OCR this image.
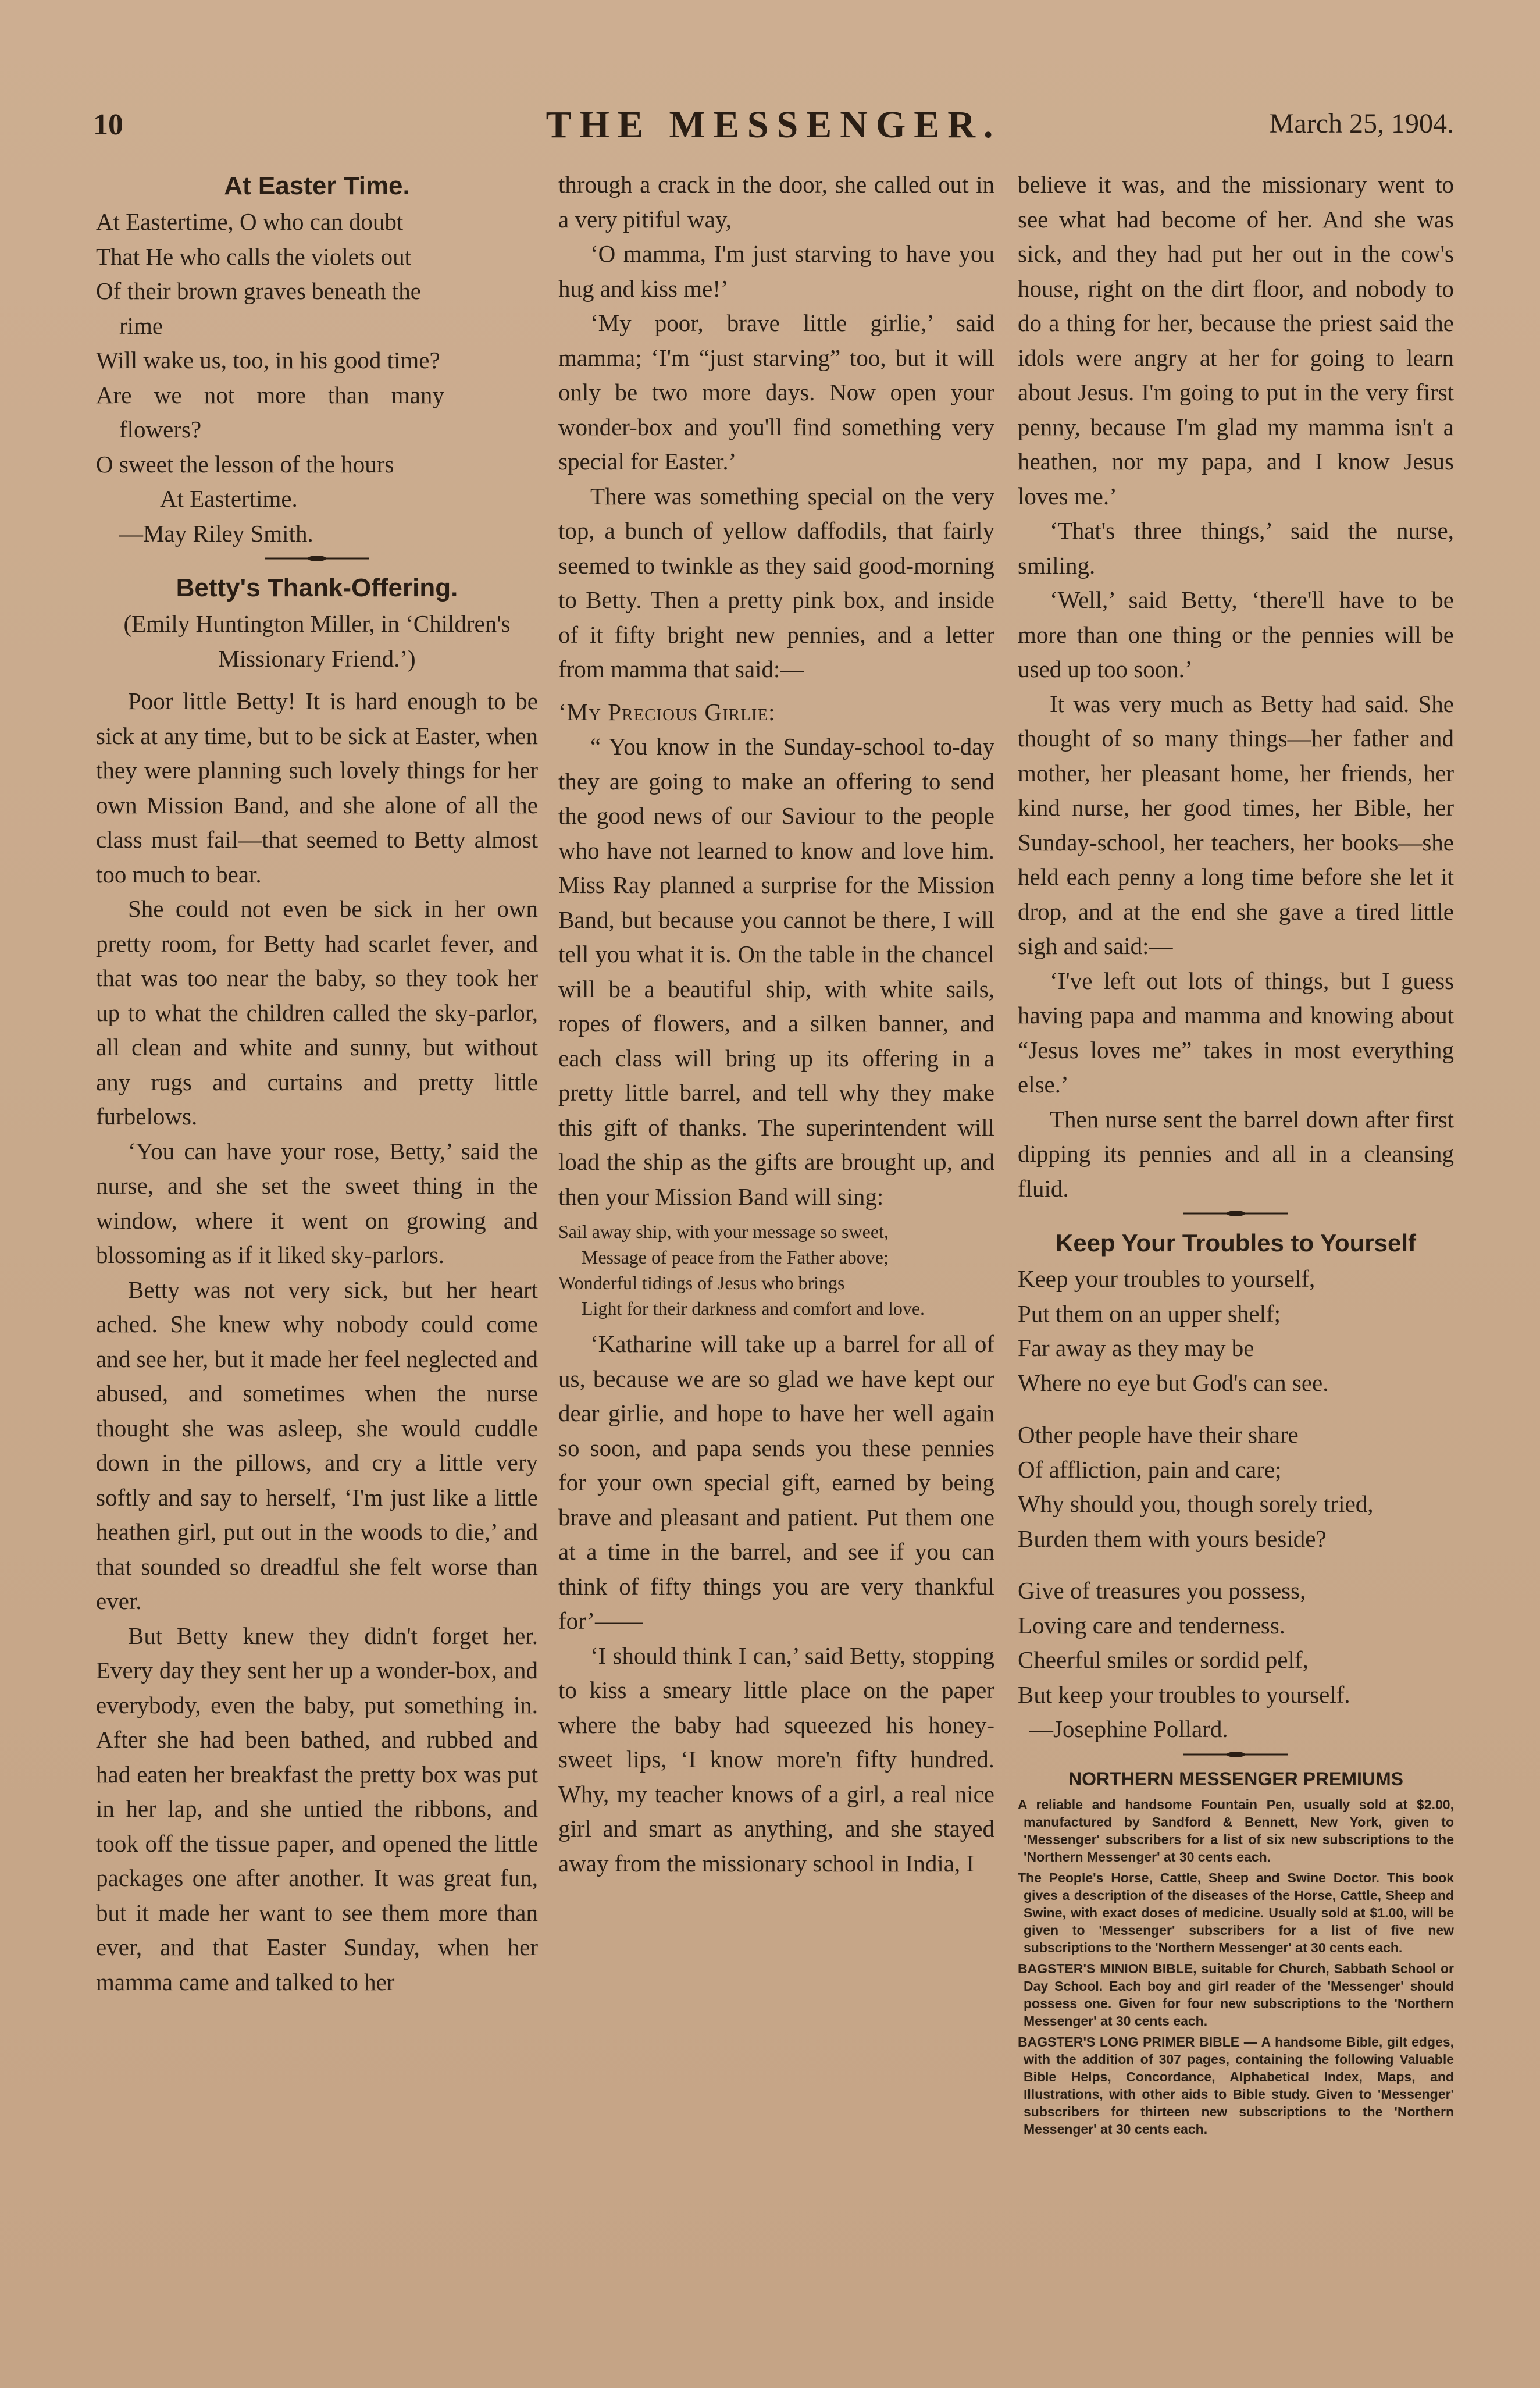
10	THE MESSENGER.	March 25, 1904.
At Easter Time.

At Eastertime, O who can doubt

That He who calls the violets out

Of their brown graves beneath the

rime

Will wake us, too, in his good time?

Are we not more than many

flowers?

O sweet the lesson of the hours

At Eastertime.

—May Riley Smith.

Betty's Thank-Offering.

(Emily Huntington Miller, in ‘Children's Missionary Friend.’)

Poor little Betty! It is hard enough to be sick at any time, but to be sick at Easter, when they were planning such lovely things for her own Mission Band, and she alone of all the class must fail—that seemed to Betty almost too much to bear.

She could not even be sick in her own pretty room, for Betty had scarlet fever, and that was too near the baby, so they took her up to what the children called the sky-parlor, all clean and white and sunny, but without any rugs and curtains and pretty little furbelows.

‘You can have your rose, Betty,’ said the nurse, and she set the sweet thing in the window, where it went on growing and blossoming as if it liked sky-parlors.

Betty was not very sick, but her heart ached. She knew why nobody could come and see her, but it made her feel neglected and abused, and sometimes when the nurse thought she was asleep, she would cuddle down in the pillows, and cry a little very softly and say to herself, ‘I'm just like a little heathen girl, put out in the woods to die,’ and that sounded so dreadful she felt worse than ever.

But Betty knew they didn't forget her. Every day they sent her up a wonder-box, and everybody, even the baby, put something in. After she had been bathed, and rubbed and had eaten her breakfast the pretty box was put in her lap, and she untied the ribbons, and took off the tissue paper, and opened the little packages one after another. It was great fun, but it made her want to see them more than ever, and that Easter Sunday, when her mamma came and talked to her

through a crack in the door, she called out in a very pitiful way,

‘O mamma, I'm just starving to have you hug and kiss me!’

‘My poor, brave little girlie,’ said mamma; ‘I'm “just starving” too, but it will only be two more days. Now open your wonder-box and you'll find something very special for Easter.’

There was something special on the very top, a bunch of yellow daffodils, that fairly seemed to twinkle as they said good-morning to Betty. Then a pretty pink box, and inside of it fifty bright new pennies, and a letter from mamma that said:—

‘My Precious Girlie:

“ You know in the Sunday-school to-day they are going to make an offering to send the good news of our Saviour to the people who have not learned to know and love him. Miss Ray planned a surprise for the Mission Band, but because you cannot be there, I will tell you what it is. On the table in the chancel will be a beautiful ship, with white sails, ropes of flowers, and a silken banner, and each class will bring up its offering in a pretty little barrel, and tell why they make this gift of thanks. The superintendent will load the ship as the gifts are brought up, and then your Mission Band will sing:

Sail away ship, with your message so sweet,

Message of peace from the Father above;

Wonderful tidings of Jesus who brings

Light for their darkness and comfort and love.

‘Katharine will take up a barrel for all of us, because we are so glad we have kept our dear girlie, and hope to have her well again so soon, and papa sends you these pennies for your own special gift, earned by being brave and pleasant and patient. Put them one at a time in the barrel, and see if you can think of fifty things you are very thankful for’——

‘I should think I can,’ said Betty, stopping to kiss a smeary little place on the paper where the baby had squeezed his honey-sweet lips, ‘I know more'n fifty hundred. Why, my teacher knows of a girl, a real nice girl and smart as anything, and she stayed away from the missionary school in India, I

believe it was, and the missionary went to see what had become of her. And she was sick, and they had put her out in the cow's house, right on the dirt floor, and nobody to do a thing for her, because the priest said the idols were angry at her for going to learn about Jesus. I'm going to put in the very first penny, because I'm glad my mamma isn't a heathen, nor my papa, and I know Jesus loves me.’

‘That's three things,’ said the nurse, smiling.

‘Well,’ said Betty, ‘there'll have to be more than one thing or the pennies will be used up too soon.’

It was very much as Betty had said. She thought of so many things—her father and mother, her pleasant home, her friends, her kind nurse, her good times, her Bible, her Sunday-school, her teachers, her books—she held each penny a long time before she let it drop, and at the end she gave a tired little sigh and said:—

‘I've left out lots of things, but I guess having papa and mamma and knowing about “Jesus loves me” takes in most everything else.’

Then nurse sent the barrel down after first dipping its pennies and all in a cleansing fluid.

Keep Your Troubles to Yourself

Keep your troubles to yourself,

Put them on an upper shelf;

Far away as they may be

Where no eye but God's can see.

Other people have their share

Of affliction, pain and care;

Why should you, though sorely tried,

Burden them with yours beside?

Give of treasures you possess,

Loving care and tenderness.

Cheerful smiles or sordid pelf,

But keep your troubles to yourself.

—Josephine Pollard.

NORTHERN MESSENGER PREMIUMS

A reliable and handsome Fountain Pen, usually sold at $2.00, manufactured by Sandford & Bennett, New York, given to 'Messenger' subscribers for a list of six new subscriptions to the 'Northern Messenger' at 30 cents each.

The People's Horse, Cattle, Sheep and Swine Doctor. This book gives a description of the diseases of the Horse, Cattle, Sheep and Swine, with exact doses of medicine. Usually sold at $1.00, will be given to 'Messenger' subscribers for a list of five new subscriptions to the 'Northern Messenger' at 30 cents each.

BAGSTER'S MINION BIBLE, suitable for Church, Sabbath School or Day School. Each boy and girl reader of the 'Messenger' should possess one. Given for four new subscriptions to the 'Northern Messenger' at 30 cents each.

BAGSTER'S LONG PRIMER BIBLE — A handsome Bible, gilt edges, with the addition of 307 pages, containing the following Valuable Bible Helps, Concordance, Alphabetical Index, Maps, and Illustrations, with other aids to Bible study. Given to 'Messenger' subscribers for thirteen new subscriptions to the 'Northern Messenger' at 30 cents each.
